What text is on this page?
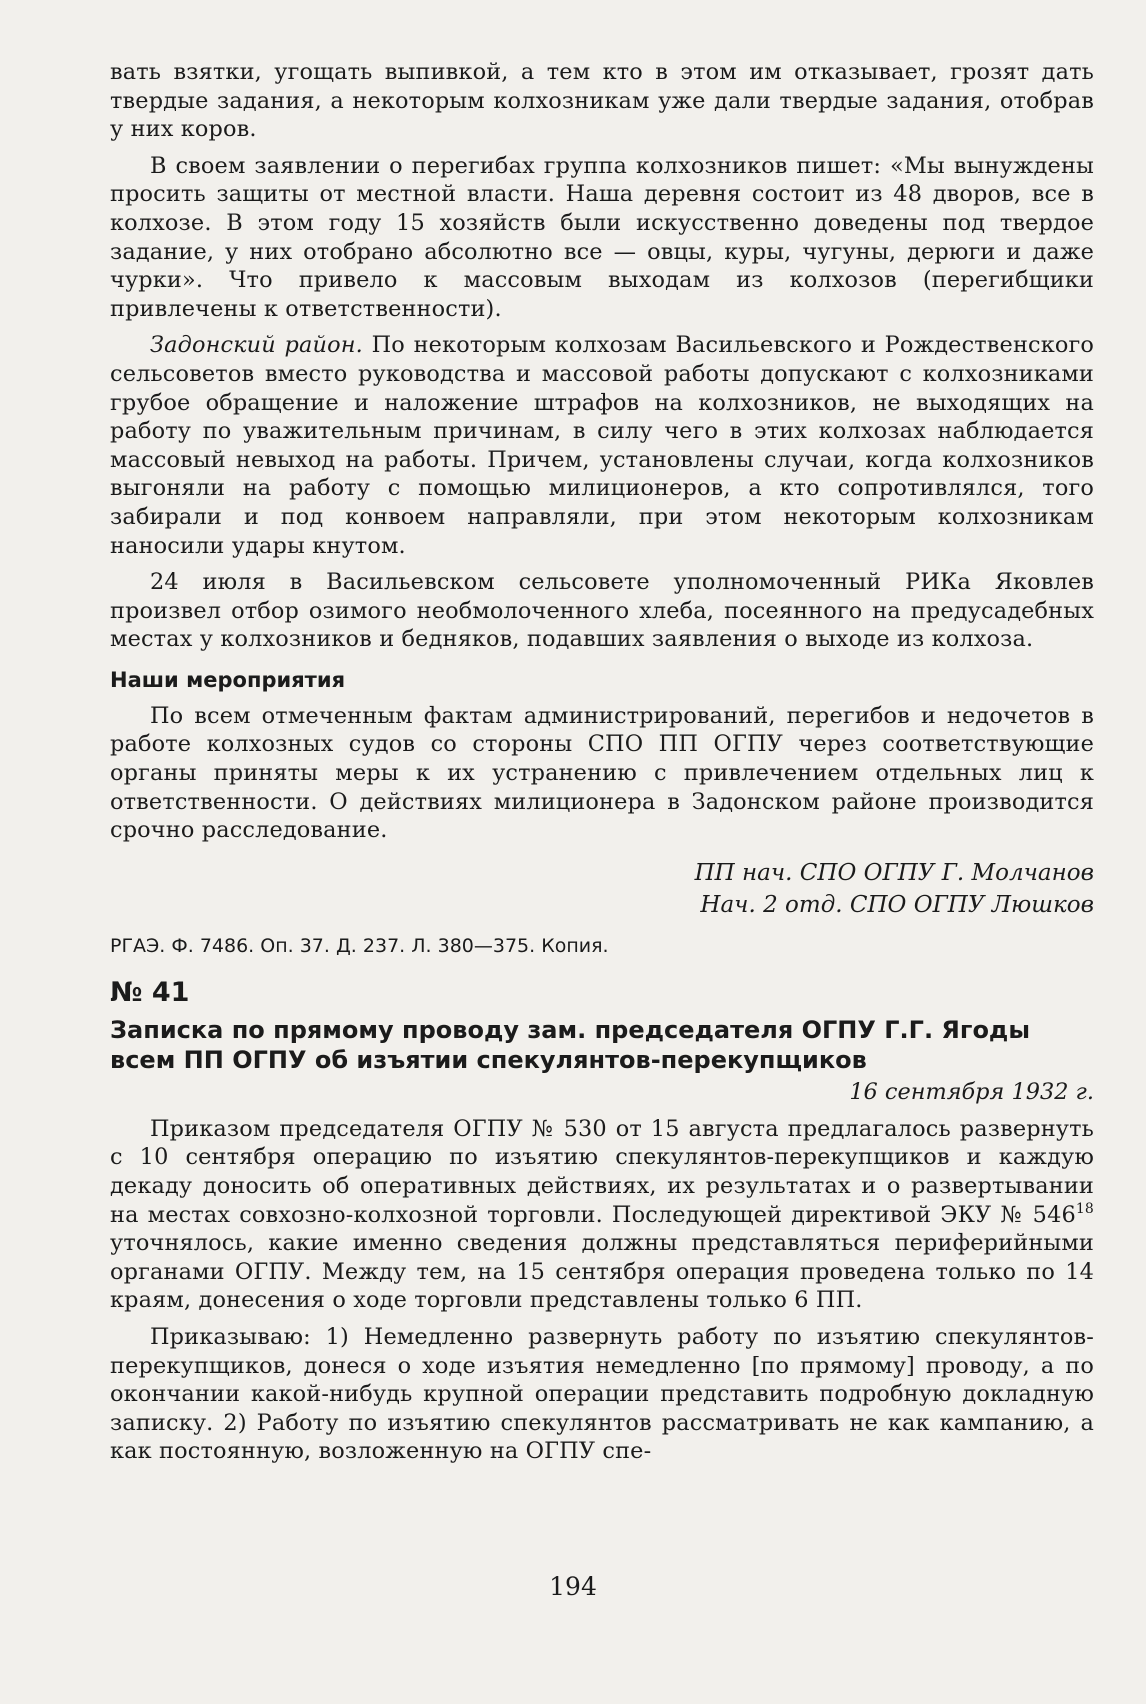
вать взятки, угощать выпивкой, а тем кто в этом им отказывает, грозят дать твердые задания, а некоторым колхозникам уже дали твердые задания, отобрав у них коров.

В своем заявлении о перегибах группа колхозников пишет: «Мы вынуждены просить защиты от местной власти. Наша деревня состоит из 48 дворов, все в колхозе. В этом году 15 хозяйств были искусственно доведены под твердое задание, у них отобрано абсолютно все — овцы, куры, чугуны, дерюги и даже чурки». Что привело к массовым выходам из колхозов (перегибщики привлечены к ответственности).

Задонский район. По некоторым колхозам Васильевского и Рождественского сельсоветов вместо руководства и массовой работы допускают с колхозниками грубое обращение и наложение штрафов на колхозников, не выходящих на работу по уважительным причинам, в силу чего в этих колхозах наблюдается массовый невыход на работы. Причем, установлены случаи, когда колхозников выгоняли на работу с помощью милиционеров, а кто сопротивлялся, того забирали и под конвоем направляли, при этом некоторым колхозникам наносили удары кнутом.

24 июля в Васильевском сельсовете уполномоченный РИКа Яковлев произвел отбор озимого необмолоченного хлеба, посеянного на предусадебных местах у колхозников и бедняков, подавших заявления о выходе из колхоза.

Наши мероприятия

По всем отмеченным фактам администрирований, перегибов и недочетов в работе колхозных судов со стороны СПО ПП ОГПУ через соответствующие органы приняты меры к их устранению с привлечением отдельных лиц к ответственности. О действиях милиционера в Задонском районе производится срочно расследование.

ПП нач. СПО ОГПУ Г. Молчанов
Нач. 2 отд. СПО ОГПУ Люшков

РГАЭ. Ф. 7486. Оп. 37. Д. 237. Л. 380—375. Копия.

№ 41

Записка по прямому проводу зам. председателя ОГПУ Г.Г. Ягоды всем ПП ОГПУ об изъятии спекулянтов-перекупщиков

16 сентября 1932 г.

Приказом председателя ОГПУ № 530 от 15 августа предлагалось развернуть с 10 сентября операцию по изъятию спекулянтов-перекупщиков и каждую декаду доносить об оперативных действиях, их результатах и о развертывании на местах совхозно-колхозной торговли. Последующей директивой ЭКУ № $546^{18}$ уточнялось, какие именно сведения должны представляться периферийными органами ОГПУ. Между тем, на 15 сентября операция проведена только по 14 краям, донесения о ходе торговли представлены только 6 ПП.

Приказываю: 1) Немедленно развернуть работу по изъятию спекулянтов-перекупщиков, донеся о ходе изъятия немедленно [по прямому] проводу, а по окончании какой-нибудь крупной операции представить подробную докладную записку. 2) Работу по изъятию спекулянтов рассматривать не как кампанию, а как постоянную, возложенную на ОГПУ спе-

194
